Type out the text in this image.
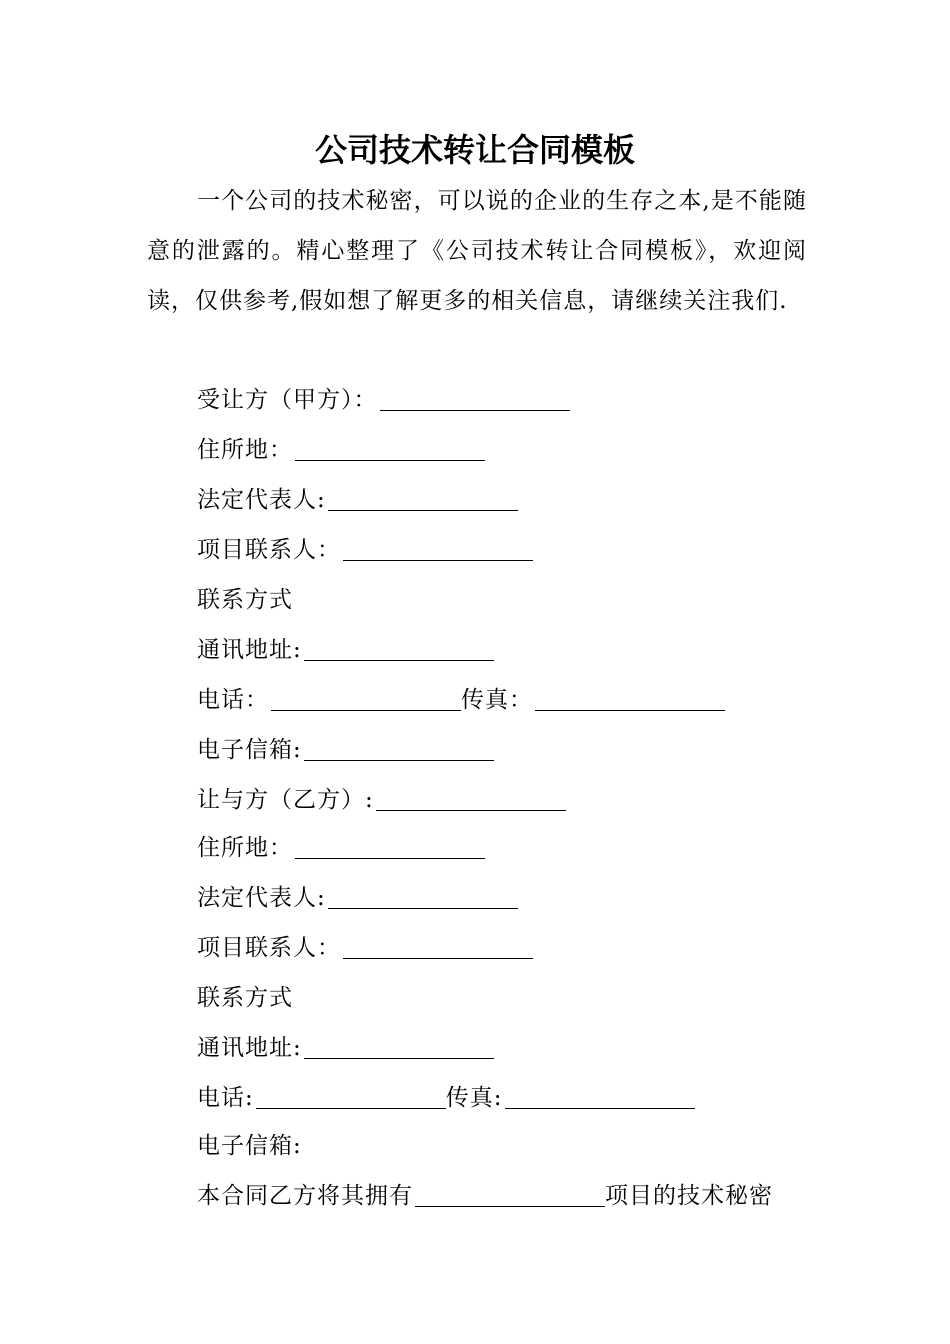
公司技术转让合同模板
一个公司的技术秘密，可以说的企业的生存之本,是不能随意的泄露的。精心整理了《公司技术转让合同模板》，欢迎阅读，仅供参考,假如想了解更多的相关信息，请继续关注我们.
受让方（甲方）：
住所地：
法定代表人:
项目联系人：
联系方式
通讯地址:
电话：	传真：
电子信箱:
让与方（乙方）:
住所地：
法定代表人:
项目联系人：
联系方式
通讯地址:
电话:	传真:
电子信箱:
本合同乙方将其拥有	项目的技术秘密
